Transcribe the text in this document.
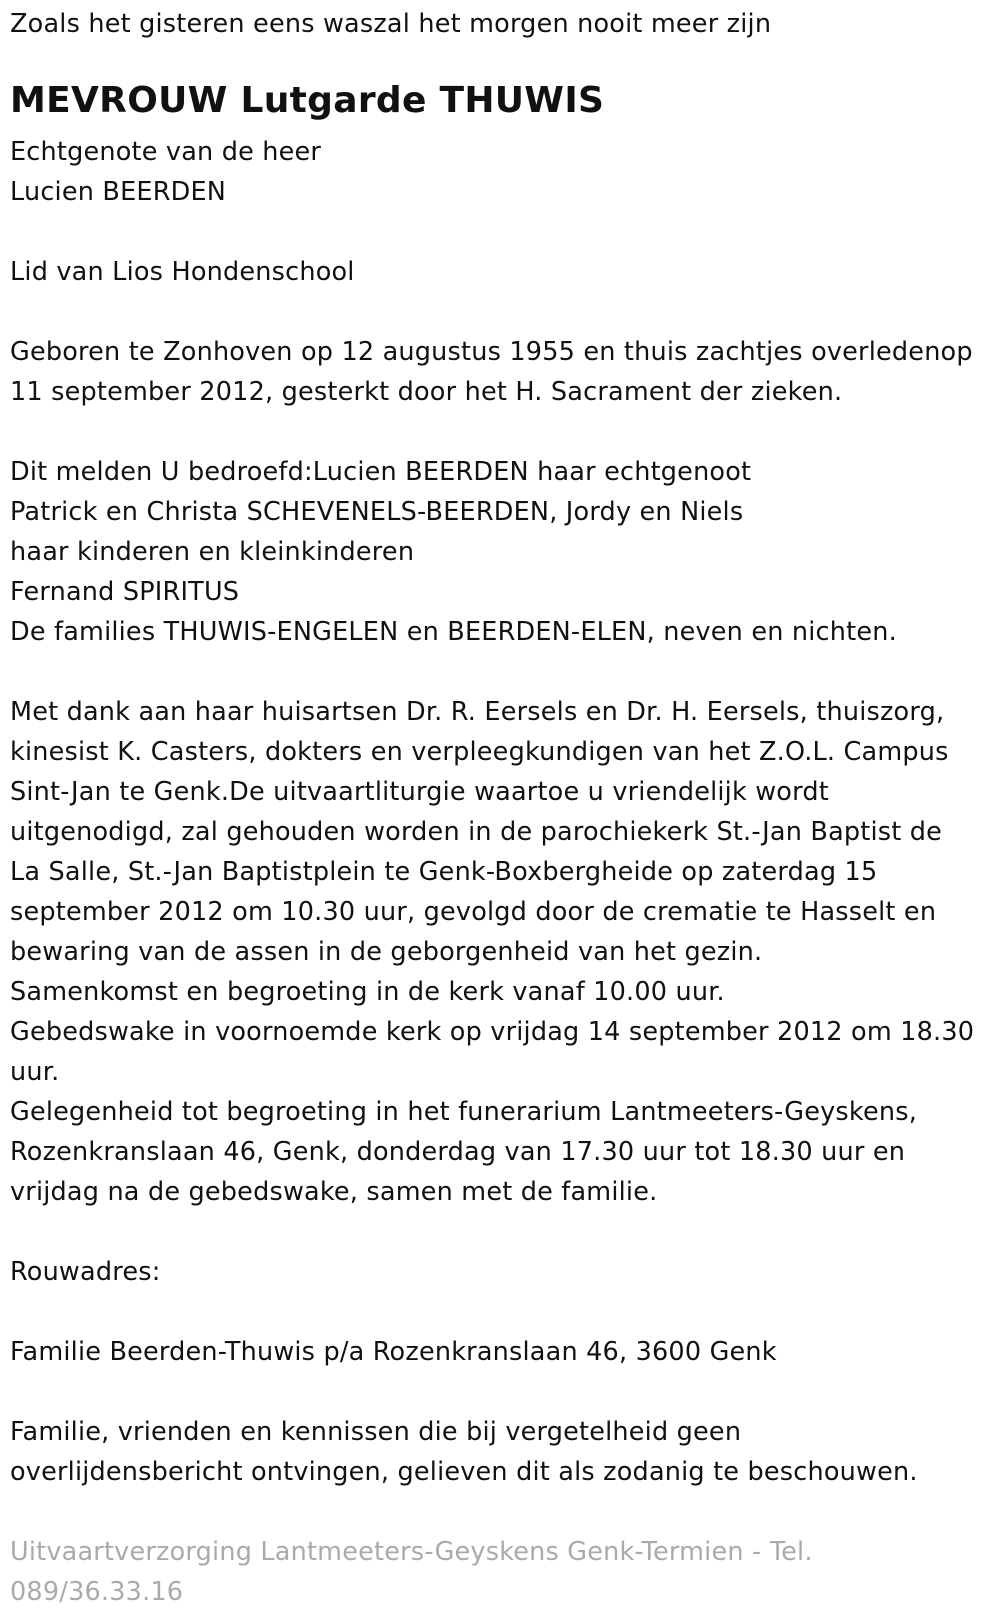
Zoals het gisteren eens waszal het morgen nooit meer zijn
MEVROUW Lutgarde THUWIS
Echtgenote van de heer
Lucien BEERDEN
Lid van Lios Hondenschool
Geboren te Zonhoven op 12 augustus 1955 en thuis zachtjes overledenop
11 september 2012, gesterkt door het H. Sacrament der zieken.
Dit melden U bedroefd:Lucien BEERDEN haar echtgenoot
Patrick en Christa SCHEVENELS-BEERDEN, Jordy en Niels
haar kinderen en kleinkinderen
Fernand SPIRITUS
De families THUWIS-ENGELEN en BEERDEN-ELEN, neven en nichten.
Met dank aan haar huisartsen Dr. R. Eersels en Dr. H. Eersels, thuiszorg,
kinesist K. Casters, dokters en verpleegkundigen van het Z.O.L. Campus
Sint-Jan te Genk.De uitvaartliturgie waartoe u vriendelijk wordt
uitgenodigd, zal gehouden worden in de parochiekerk St.-Jan Baptist de
La Salle, St.-Jan Baptistplein te Genk-Boxbergheide op zaterdag 15
september 2012 om 10.30 uur, gevolgd door de crematie te Hasselt en
bewaring van de assen in de geborgenheid van het gezin.
Samenkomst en begroeting in de kerk vanaf 10.00 uur.
Gebedswake in voornoemde kerk op vrijdag 14 september 2012 om 18.30
uur.
Gelegenheid tot begroeting in het funerarium Lantmeeters-Geyskens,
Rozenkranslaan 46, Genk, donderdag van 17.30 uur tot 18.30 uur en
vrijdag na de gebedswake, samen met de familie.
Rouwadres:
Familie Beerden-Thuwis p/a Rozenkranslaan 46, 3600 Genk
Familie, vrienden en kennissen die bij vergetelheid geen
overlijdensbericht ontvingen, gelieven dit als zodanig te beschouwen.
Uitvaartverzorging Lantmeeters-Geyskens Genk-Termien - Tel.
089/36.33.16
